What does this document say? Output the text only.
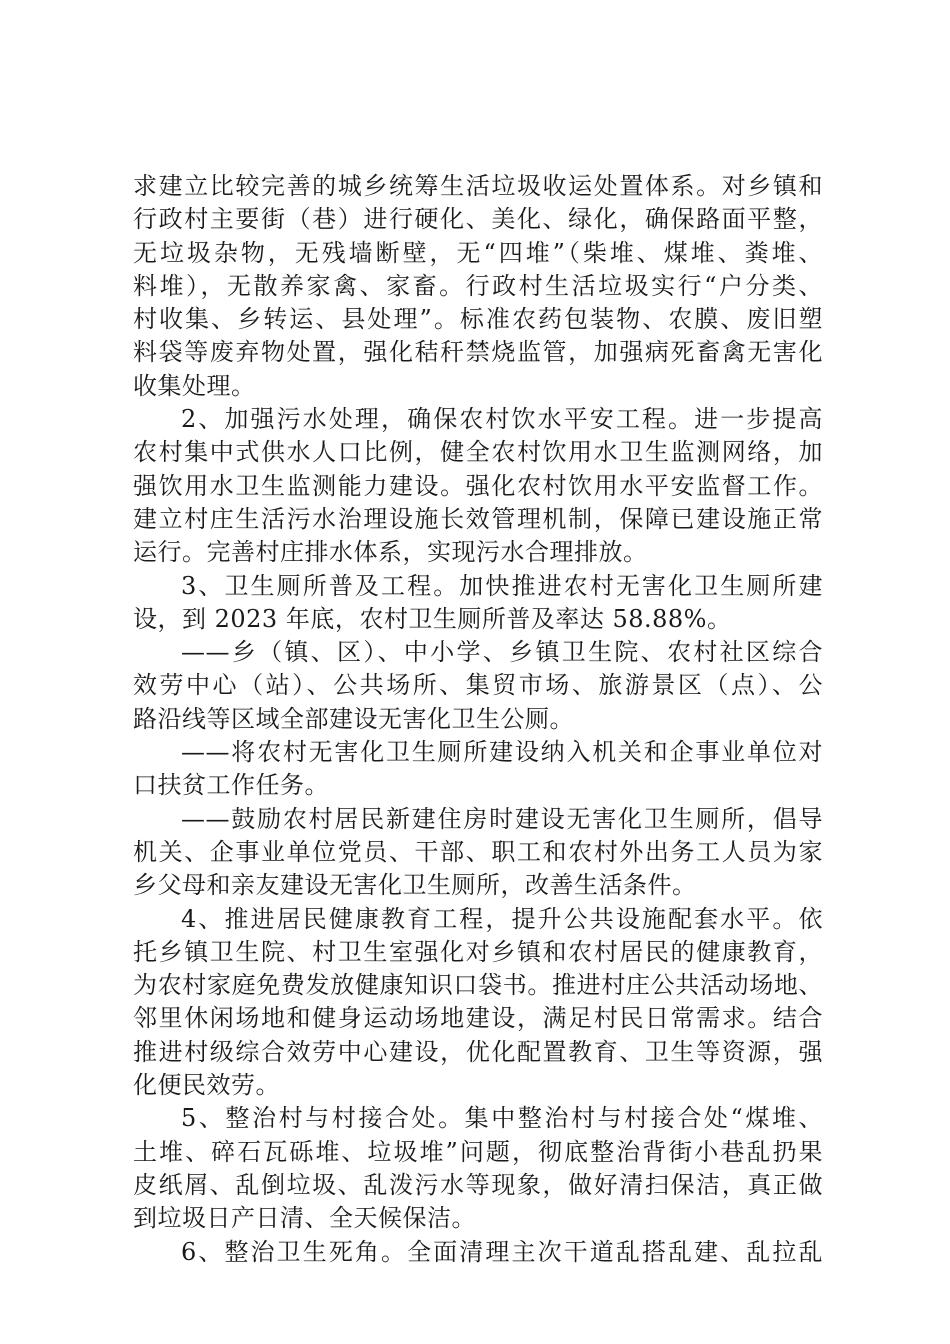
求建立比较完善的城乡统筹生活垃圾收运处置体系。对乡镇和
行政村主要街（巷）进行硬化、美化、绿化，确保路面平整，
无垃圾杂物，无残墙断壁，无“四堆”（柴堆、煤堆、粪堆、
料堆），无散养家禽、家畜。行政村生活垃圾实行“户分类、
村收集、乡转运、县处理”。标准农药包装物、农膜、废旧塑
料袋等废弃物处置，强化秸秆禁烧监管，加强病死畜禽无害化
收集处理。
2、加强污水处理，确保农村饮水平安工程。进一步提高
农村集中式供水人口比例，健全农村饮用水卫生监测网络，加
强饮用水卫生监测能力建设。强化农村饮用水平安监督工作。
建立村庄生活污水治理设施长效管理机制，保障已建设施正常
运行。完善村庄排水体系，实现污水合理排放。
3、卫生厕所普及工程。加快推进农村无害化卫生厕所建
设，到 2023 年底，农村卫生厕所普及率达 58.88%。
——乡（镇、区）、中小学、乡镇卫生院、农村社区综合
效劳中心（站）、公共场所、集贸市场、旅游景区（点）、公
路沿线等区域全部建设无害化卫生公厕。
——将农村无害化卫生厕所建设纳入机关和企事业单位对
口扶贫工作任务。
——鼓励农村居民新建住房时建设无害化卫生厕所，倡导
机关、企事业单位党员、干部、职工和农村外出务工人员为家
乡父母和亲友建设无害化卫生厕所，改善生活条件。
4、推进居民健康教育工程，提升公共设施配套水平。依
托乡镇卫生院、村卫生室强化对乡镇和农村居民的健康教育，
为农村家庭免费发放健康知识口袋书。推进村庄公共活动场地、
邻里休闲场地和健身运动场地建设，满足村民日常需求。结合
推进村级综合效劳中心建设，优化配置教育、卫生等资源，强
化便民效劳。
5、整治村与村接合处。集中整治村与村接合处“煤堆、
土堆、碎石瓦砾堆、垃圾堆”问题，彻底整治背街小巷乱扔果
皮纸屑、乱倒垃圾、乱泼污水等现象，做好清扫保洁，真正做
到垃圾日产日清、全天候保洁。
6、整治卫生死角。全面清理主次干道乱搭乱建、乱拉乱
